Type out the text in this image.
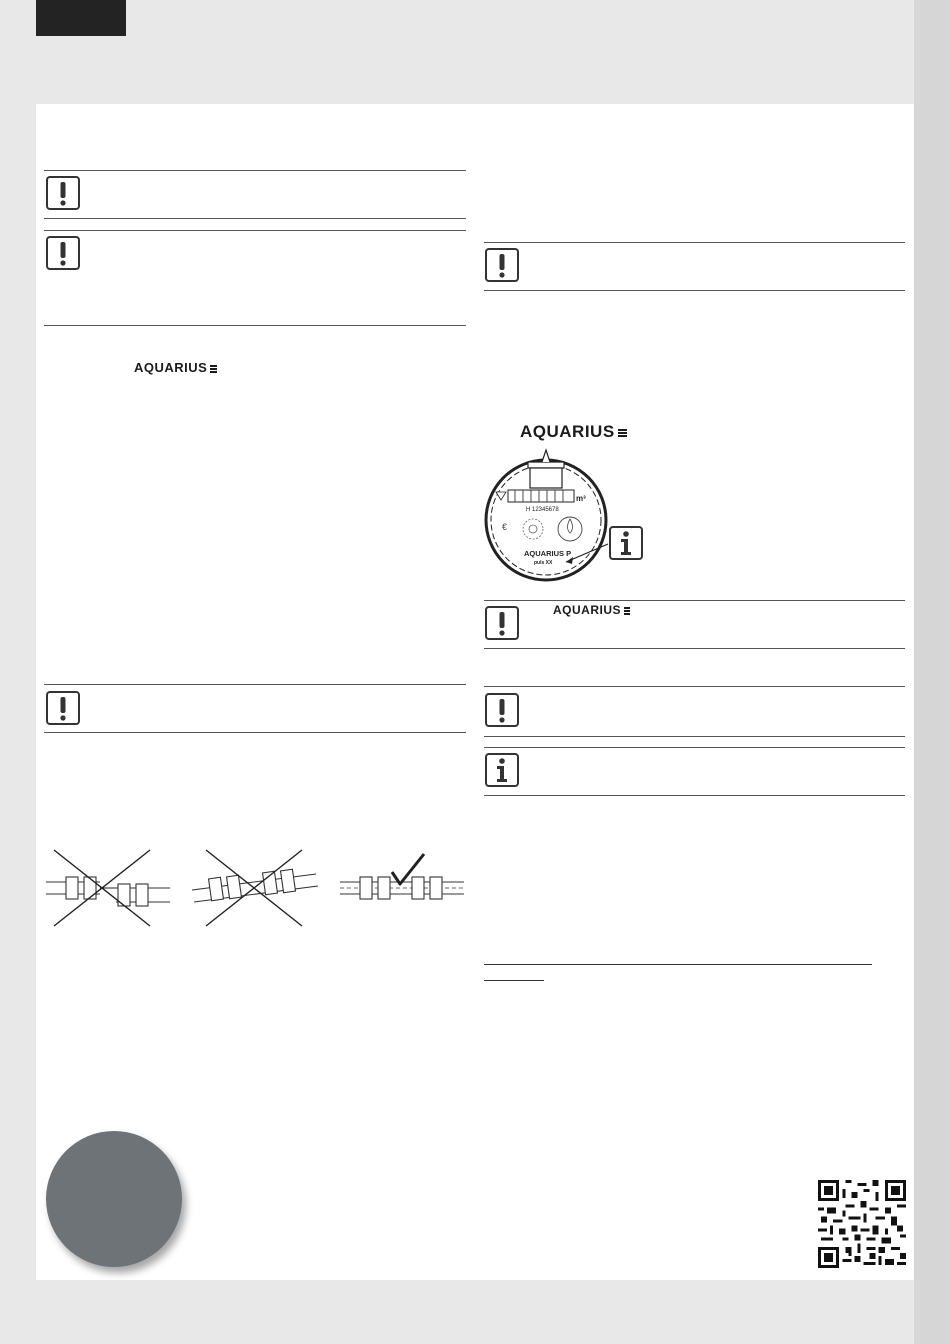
AQUARIUS
AQUARIUS
m³
H 12345678
€
AQUARIUS P
puls XX
AQUARIUS
